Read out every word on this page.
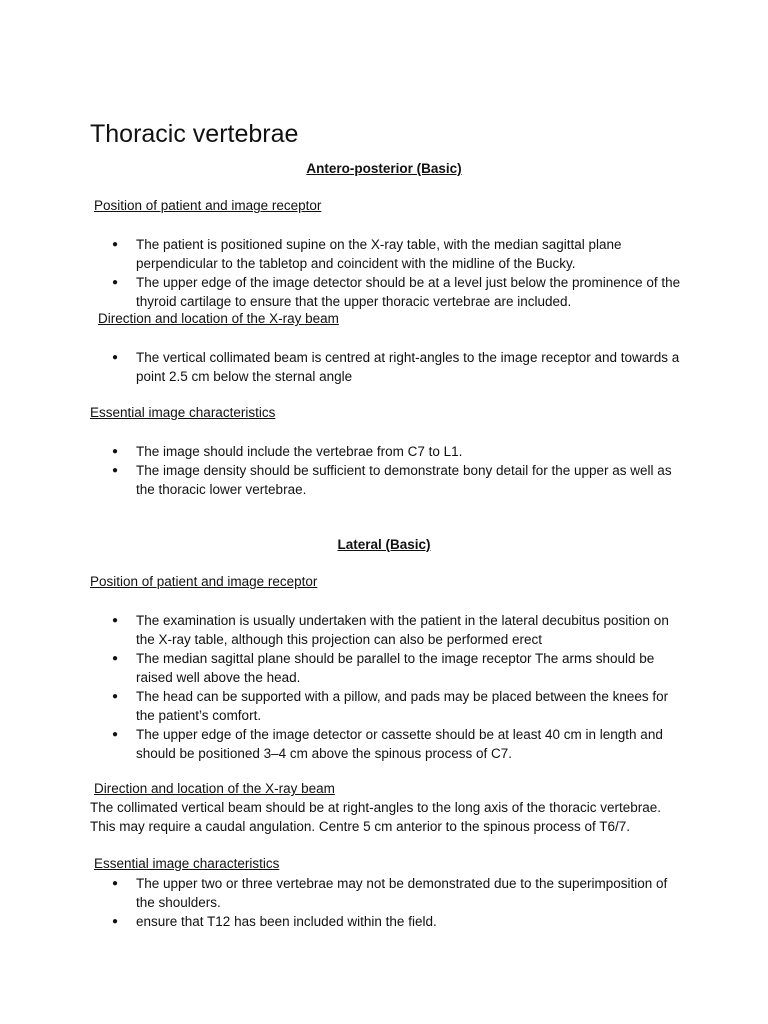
Thoracic vertebrae
Antero-posterior (Basic)
Position of patient and image receptor
● The patient is positioned supine on the X-ray table, with the median sagittal plane perpendicular to the tabletop and coincident with the midline of the Bucky.
● The upper edge of the image detector should be at a level just below the prominence of the thyroid cartilage to ensure that the upper thoracic vertebrae are included.
Direction and location of the X-ray beam
● The vertical collimated beam is centred at right-angles to the image receptor and towards a point 2.5 cm below the sternal angle
Essential image characteristics
● The image should include the vertebrae from C7 to L1.
● The image density should be sufficient to demonstrate bony detail for the upper as well as the thoracic lower vertebrae.
Lateral (Basic)
Position of patient and image receptor
● The examination is usually undertaken with the patient in the lateral decubitus position on the X-ray table, although this projection can also be performed erect
● The median sagittal plane should be parallel to the image receptor The arms should be raised well above the head.
● The head can be supported with a pillow, and pads may be placed between the knees for the patient’s comfort.
● The upper edge of the image detector or cassette should be at least 40 cm in length and should be positioned 3–4 cm above the spinous process of C7.
Direction and location of the X-ray beam

The collimated vertical beam should be at right-angles to the long axis of the thoracic vertebrae. This may require a caudal angulation. Centre 5 cm anterior to the spinous process of T6/7.

Essential image characteristics
● The upper two or three vertebrae may not be demonstrated due to the superimposition of the shoulders.
● ensure that T12 has been included within the field.
